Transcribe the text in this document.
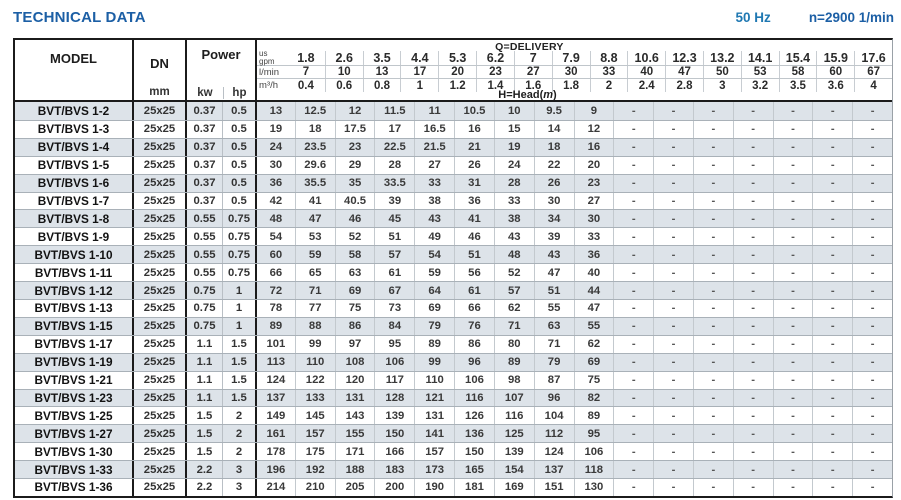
TECHNICAL DATA	50 Hz	n=2900 1/min
MODEL	DN
mm
Power
kw	hp
Q=DELIVERY
us
gpm	1.8	2.6	3.5	4.4	5.3	6.2	7	7.9	8.8	10.6	12.3	13.2	14.1	15.4	15.9	17.6
l/min	7	10	13	17	20	23	27	30	33	40	47	50	53	58	60	67
m³/h	0.4	0.6	0.8	1	1.2	1.4	1.6	1.8	2	2.4	2.8	3	3.2	3.5	3.6	4
H=Head(m)
BVT/BVS 1-2	25x25	0.37	0.5	13	12.5	12	11.5	11	10.5	10	9.5	9	-	-	-	-	-	-	-
BVT/BVS 1-3	25x25	0.37	0.5	19	18	17.5	17	16.5	16	15	14	12	-	-	-	-	-	-	-
BVT/BVS 1-4	25x25	0.37	0.5	24	23.5	23	22.5	21.5	21	19	18	16	-	-	-	-	-	-	-
BVT/BVS 1-5	25x25	0.37	0.5	30	29.6	29	28	27	26	24	22	20	-	-	-	-	-	-	-
BVT/BVS 1-6	25x25	0.37	0.5	36	35.5	35	33.5	33	31	28	26	23	-	-	-	-	-	-	-
BVT/BVS 1-7	25x25	0.37	0.5	42	41	40.5	39	38	36	33	30	27	-	-	-	-	-	-	-
BVT/BVS 1-8	25x25	0.55	0.75	48	47	46	45	43	41	38	34	30	-	-	-	-	-	-	-
BVT/BVS 1-9	25x25	0.55	0.75	54	53	52	51	49	46	43	39	33	-	-	-	-	-	-	-
BVT/BVS 1-10	25x25	0.55	0.75	60	59	58	57	54	51	48	43	36	-	-	-	-	-	-	-
BVT/BVS 1-11	25x25	0.55	0.75	66	65	63	61	59	56	52	47	40	-	-	-	-	-	-	-
BVT/BVS 1-12	25x25	0.75	1	72	71	69	67	64	61	57	51	44	-	-	-	-	-	-	-
BVT/BVS 1-13	25x25	0.75	1	78	77	75	73	69	66	62	55	47	-	-	-	-	-	-	-
BVT/BVS 1-15	25x25	0.75	1	89	88	86	84	79	76	71	63	55	-	-	-	-	-	-	-
BVT/BVS 1-17	25x25	1.1	1.5	101	99	97	95	89	86	80	71	62	-	-	-	-	-	-	-
BVT/BVS 1-19	25x25	1.1	1.5	113	110	108	106	99	96	89	79	69	-	-	-	-	-	-	-
BVT/BVS 1-21	25x25	1.1	1.5	124	122	120	117	110	106	98	87	75	-	-	-	-	-	-	-
BVT/BVS 1-23	25x25	1.1	1.5	137	133	131	128	121	116	107	96	82	-	-	-	-	-	-	-
BVT/BVS 1-25	25x25	1.5	2	149	145	143	139	131	126	116	104	89	-	-	-	-	-	-	-
BVT/BVS 1-27	25x25	1.5	2	161	157	155	150	141	136	125	112	95	-	-	-	-	-	-	-
BVT/BVS 1-30	25x25	1.5	2	178	175	171	166	157	150	139	124	106	-	-	-	-	-	-	-
BVT/BVS 1-33	25x25	2.2	3	196	192	188	183	173	165	154	137	118	-	-	-	-	-	-	-
BVT/BVS 1-36	25x25	2.2	3	214	210	205	200	190	181	169	151	130	-	-	-	-	-	-	-
